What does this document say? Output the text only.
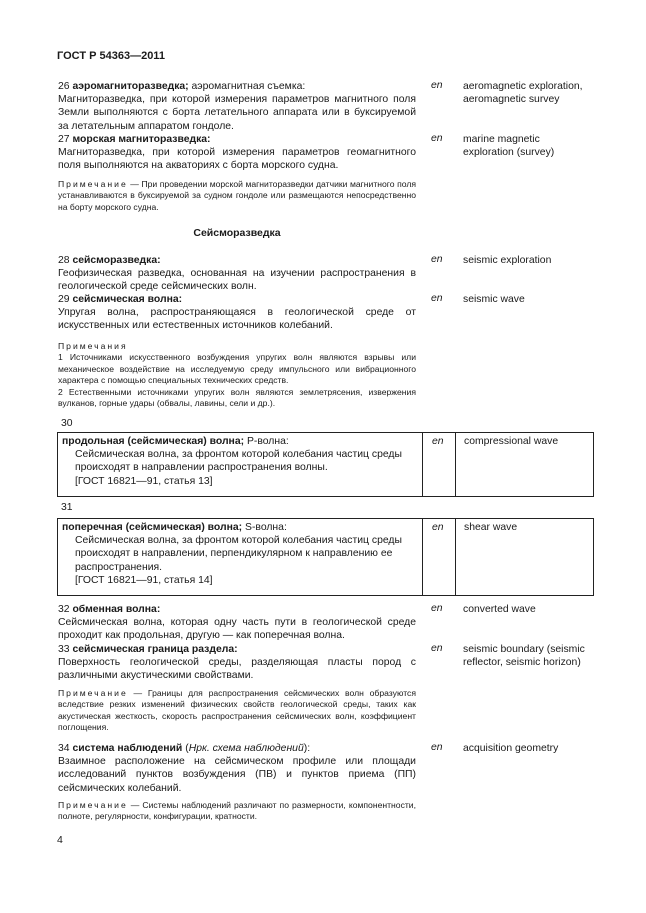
ГОСТ Р 54363—2011

26 аэромагниторазведка; аэромагнитная съемка:

Магниторазведка, при которой измерения параметров магнитного поля Земли выполняются с борта летательного аппарата или в буксируемой за летательным аппаратом гондоле.

en aeromagnetic exploration, aeromagnetic survey

27 морская магниторазведка:

Магниторазведка, при которой измерения параметров геомагнитного поля выполняются на акваториях с борта морского судна.

en marine magnetic exploration (survey)

Примечание — При проведении морской магниторазведки датчики магнитного поля устанавливаются в буксируемой за судном гондоле или размещаются непосредственно на борту морского судна.

Сейсморазведка

28 сейсморазведка:

Геофизическая разведка, основанная на изучении распространения в геологической среде сейсмических волн.

en seismic exploration

29 сейсмическая волна:

Упругая волна, распространяющаяся в геологической среде от искусственных или естественных источников колебаний.

en seismic wave

Примечания

1 Источниками искусственного возбуждения упругих волн являются взрывы или механическое воздействие на исследуемую среду импульсного или вибрационного характера с помощью специальных технических средств.

2 Естественными источниками упругих волн являются землетрясения, извержения вулканов, горные удары (обвалы, лавины, сели и др.).

30

продольная (сейсмическая) волна; P-волна:

Сейсмическая волна, за фронтом которой колебания частиц среды происходят в направлении распространения волны.

[ГОСТ 16821—91, статья 13]

en compressional wave
31

поперечная (сейсмическая) волна; S-волна:

Сейсмическая волна, за фронтом которой колебания частиц среды происходят в направлении, перпендикулярном к направлению ее распространения.

[ГОСТ 16821—91, статья 14]

en shear wave

32 обменная волна:

Сейсмическая волна, которая одну часть пути в геологической среде проходит как продольная, другую — как поперечная волна.

en converted wave

33 сейсмическая граница раздела:

Поверхность геологической среды, разделяющая пласты пород с различными акустическими свойствами.

en seismic boundary (seismic reflector, seismic horizon)

Примечание — Границы для распространения сейсмических волн образуются вследствие резких изменений физических свойств геологической среды, таких как акустическая жесткость, скорость распространения сейсмических волн, коэффициент поглощения.

34 система наблюдений (Нрк. схема наблюдений):

Взаимное расположение на сейсмическом профиле или площади исследований пунктов возбуждения (ПВ) и пунктов приема (ПП) сейсмических колебаний.

en acquisition geometry

Примечание — Системы наблюдений различают по размерности, компонентности, полноте, регулярности, конфигурации, кратности.

4
